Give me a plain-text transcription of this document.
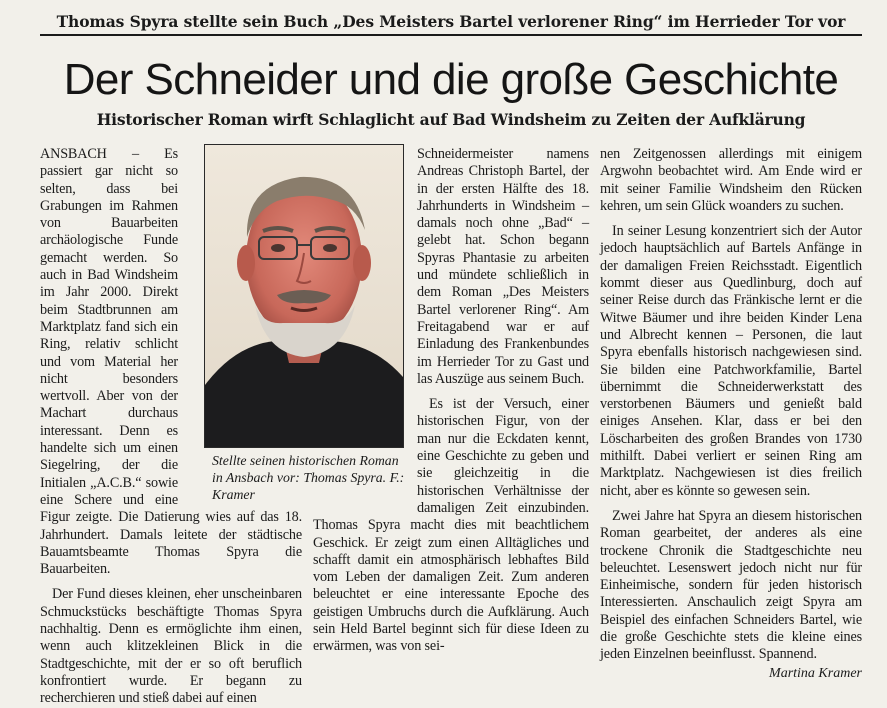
Thomas Spyra stellte sein Buch „Des Meisters Bartel verlorener Ring“ im Herrieder Tor vor
Der Schneider und die große Geschichte
Historischer Roman wirft Schlaglicht auf Bad Windsheim zu Zeiten der Aufklärung

ANSBACH – Es passiert gar nicht so selten, dass bei Grabungen im Rahmen von Bauarbeiten archäologische Funde gemacht werden. So auch in Bad Windsheim im Jahr 2000. Direkt beim Stadtbrunnen am Marktplatz fand sich ein Ring, relativ schlicht und vom Material her nicht besonders wertvoll. Aber von der Machart durchaus interessant. Denn es handelte sich um einen Siegelring, der die Initialen „A.C.B.“ sowie eine Schere und eine Figur zeigte. Die Datierung wies auf das 18. Jahrhundert. Damals leitete der städtische Bauamtsbeamte Thomas Spyra die Bauarbeiten.

Der Fund dieses kleinen, eher unscheinbaren Schmuckstücks beschäftigte Thomas Spyra nachhaltig. Denn es ermöglichte ihm einen, wenn auch klitzekleinen Blick in die Stadtgeschichte, mit der er so oft beruflich konfrontiert wurde. Er begann zu recherchieren und stieß dabei auf einen

Schneidermeister namens Andreas Christoph Bartel, der in der ersten Hälfte des 18. Jahrhunderts in Windsheim – damals noch ohne „Bad“ – gelebt hat. Schon begann Spyras Phantasie zu arbeiten und mündete schließlich in dem Roman „Des Meisters Bartel verlorener Ring“. Am Freitagabend war er auf Einladung des Frankenbundes im Herrieder Tor zu Gast und las Auszüge aus seinem Buch.

Es ist der Versuch, einer historischen Figur, von der man nur die Eckdaten kennt, eine Geschichte zu geben und sie gleichzeitig in die historischen Verhältnisse der damaligen Zeit einzubinden. Thomas Spyra macht dies mit beachtlichem Geschick. Er zeigt zum einen Alltägliches und schafft damit ein atmosphärisch lebhaftes Bild vom Leben der damaligen Zeit. Zum anderen beleuchtet er eine interessante Epoche des geistigen Umbruchs durch die Aufklärung. Auch sein Held Bartel beginnt sich für diese Ideen zu erwärmen, was von sei-

nen Zeitgenossen allerdings mit einigem Argwohn beobachtet wird. Am Ende wird er mit seiner Familie Windsheim den Rücken kehren, um sein Glück woanders zu suchen.

In seiner Lesung konzentriert sich der Autor jedoch hauptsächlich auf Bartels Anfänge in der damaligen Freien Reichsstadt. Eigentlich kommt dieser aus Quedlinburg, doch auf seiner Reise durch das Fränkische lernt er die Witwe Bäumer und ihre beiden Kinder Lena und Albrecht kennen – Personen, die laut Spyra ebenfalls historisch nachgewiesen sind. Sie bilden eine Patchworkfamilie, Bartel übernimmt die Schneiderwerkstatt des verstorbenen Bäumers und genießt bald einiges Ansehen. Klar, dass er bei den Löscharbeiten des großen Brandes von 1730 mithilft. Dabei verliert er seinen Ring am Marktplatz. Nachgewiesen ist dies freilich nicht, aber es könnte so gewesen sein.

Zwei Jahre hat Spyra an diesem historischen Roman gearbeitet, der anderes als eine trockene Chronik die Stadtgeschichte neu beleuchtet. Lesenswert jedoch nicht nur für Einheimische, sondern für jeden historisch Interessierten. Anschaulich zeigt Spyra am Beispiel des einfachen Schneiders Bartel, wie die große Geschichte stets die kleine eines jeden Einzelnen beeinflusst. Spannend.

Stellte seinen historischen Roman in Ansbach vor: Thomas Spyra. F.: Kramer
Martina Kramer
